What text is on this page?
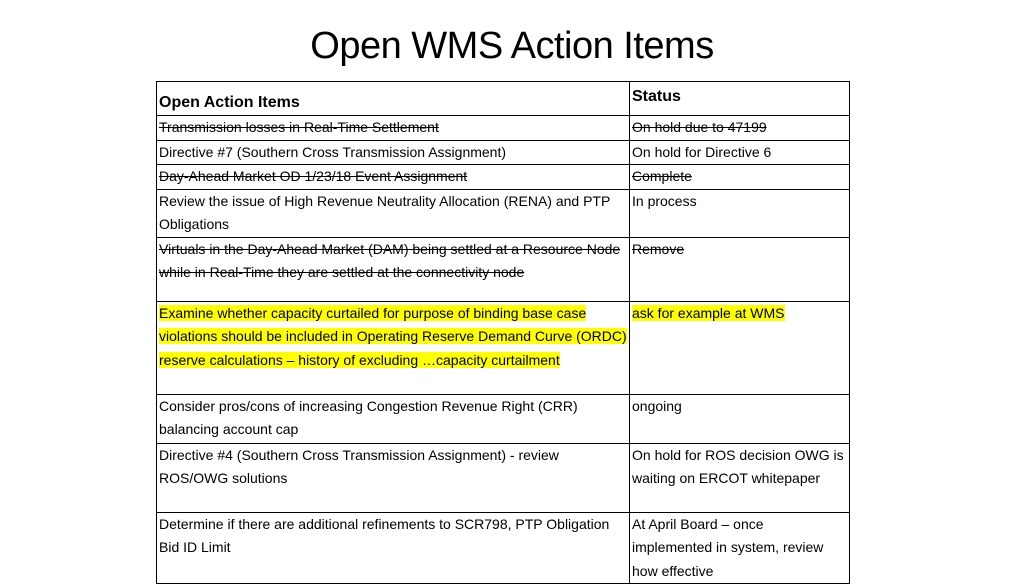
Open WMS Action Items
Open Action Items	Status
Transmission losses in Real-Time Settlement	On hold due to 47199
Directive #7 (Southern Cross Transmission Assignment)	On hold for Directive 6
Day-Ahead Market OD 1/23/18 Event Assignment	Complete
Review the issue of High Revenue Neutrality Allocation (RENA) and PTP Obligations	In process
Virtuals in the Day-Ahead Market (DAM) being settled at a Resource Node while in Real-Time they are settled at the connectivity node	Remove
Examine whether capacity curtailed for purpose of binding base case violations should be included in Operating Reserve Demand Curve (ORDC) reserve calculations – history of excluding …capacity curtailment	ask for example at WMS
Consider pros/cons of increasing Congestion Revenue Right (CRR) balancing account cap	ongoing
Directive #4 (Southern Cross Transmission Assignment) - review ROS/OWG solutions	On hold for ROS decision OWG is waiting on ERCOT whitepaper
Determine if there are additional refinements to SCR798, PTP Obligation Bid ID Limit	At April Board – once implemented in system, review how effective
